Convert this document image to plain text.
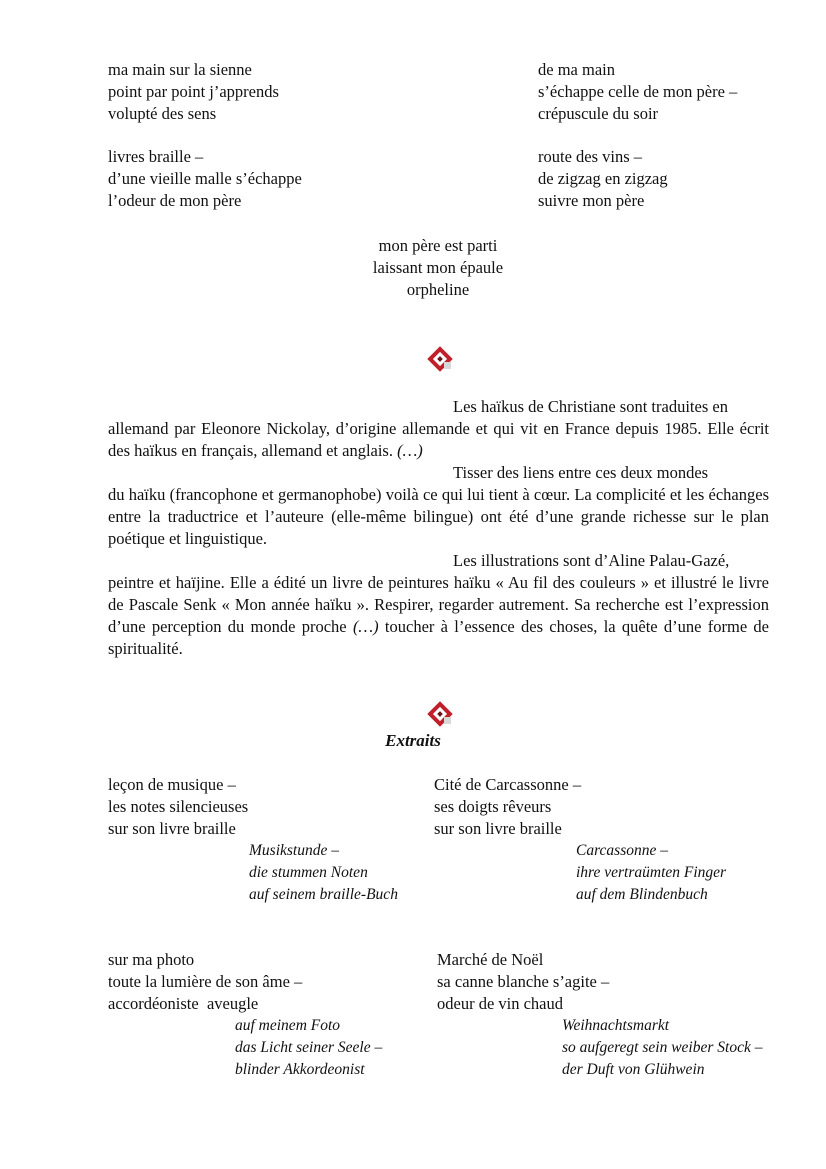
ma main sur la sienne
point par point j’apprends
volupté des sens
de ma main
s’échappe celle de mon père –
crépuscule du soir
livres braille –
d’une vieille malle s’échappe
l’odeur de mon père
route des vins –
de zigzag en zigzag
suivre mon père
mon père est parti
laissant mon épaule
orpheline
Les haïkus de Christiane sont traduites en
allemand par Eleonore Nickolay, d’origine allemande et qui vit en France depuis 1985. Elle écrit des haïkus en français, allemand et anglais. (…)
Tisser des liens entre ces deux mondes
du haïku (francophone et germanophobe) voilà ce qui lui tient à cœur. La complicité et les échanges entre la traductrice et l’auteure (elle-même bilingue) ont été d’une grande richesse sur le plan poétique et linguistique.
Les illustrations sont d’Aline Palau-Gazé,
peintre et haïjine. Elle a édité un livre de peintures haïku « Au fil des couleurs » et illustré le livre de Pascale Senk « Mon année haïku ». Respirer, regarder autrement. Sa recherche est l’expression d’une perception du monde proche (…) toucher à l’essence des choses, la quête d’une forme de spiritualité.
Extraits
leçon de musique –
les notes silencieuses
sur son livre braille
Musikstunde –
die stummen Noten
auf seinem braille-Buch
Cité de Carcassonne –
ses doigts rêveurs
sur son livre braille
Carcassonne –
ihre vertraümten Finger
auf dem Blindenbuch
sur ma photo
toute la lumière de son âme –
accordéoniste  aveugle
auf meinem Foto
das Licht seiner Seele –
blinder Akkordeonist
Marché de Noël
sa canne blanche s’agite –
odeur de vin chaud
Weihnachtsmarkt
so aufgeregt sein weiber Stock –
der Duft von Glühwein
